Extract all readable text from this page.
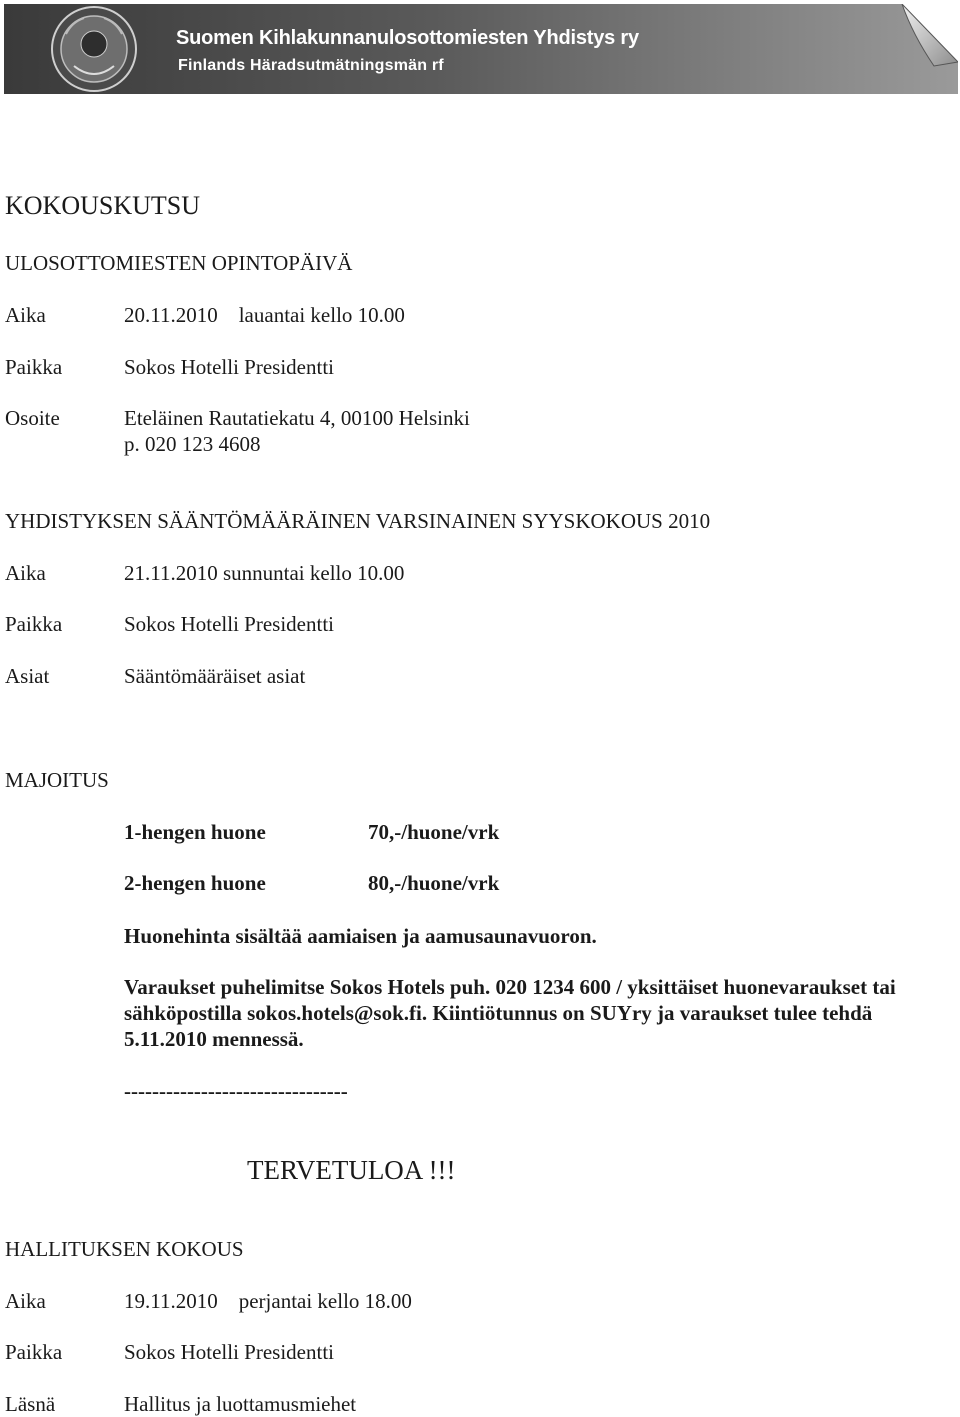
Suomen Kihlakunnanulosottomiesten Yhdistys ry
Finlands Häradsutmätningsmän rf
KOKOUSKUTSU
ULOSOTTOMIESTEN OPINTOPÄIVÄ
Aika	20.11.2010    lauantai kello 10.00
Paikka	Sokos Hotelli Presidentti
Osoite	Eteläinen Rautatiekatu 4, 00100 Helsinki
p. 020 123 4608
YHDISTYKSEN SÄÄNTÖMÄÄRÄINEN VARSINAINEN SYYSKOKOUS 2010
Aika	21.11.2010 sunnuntai kello 10.00
Paikka	Sokos Hotelli Presidentti
Asiat	Sääntömääräiset asiat
MAJOITUS
1-hengen huone	70,-/huone/vrk
2-hengen huone	80,-/huone/vrk
Huonehinta sisältää aamiaisen ja aamusaunavuoron.
Varaukset puhelimitse Sokos Hotels puh. 020 1234 600 / yksittäiset huonevaraukset tai
sähköpostilla sokos.hotels@sok.fi. Kiintiötunnus on SUYry ja varaukset tulee tehdä
5.11.2010 mennessä.
--------------------------------
TERVETULOA !!!
HALLITUKSEN KOKOUS
Aika	19.11.2010    perjantai kello 18.00
Paikka	Sokos Hotelli Presidentti
Läsnä	Hallitus ja luottamusmiehet
